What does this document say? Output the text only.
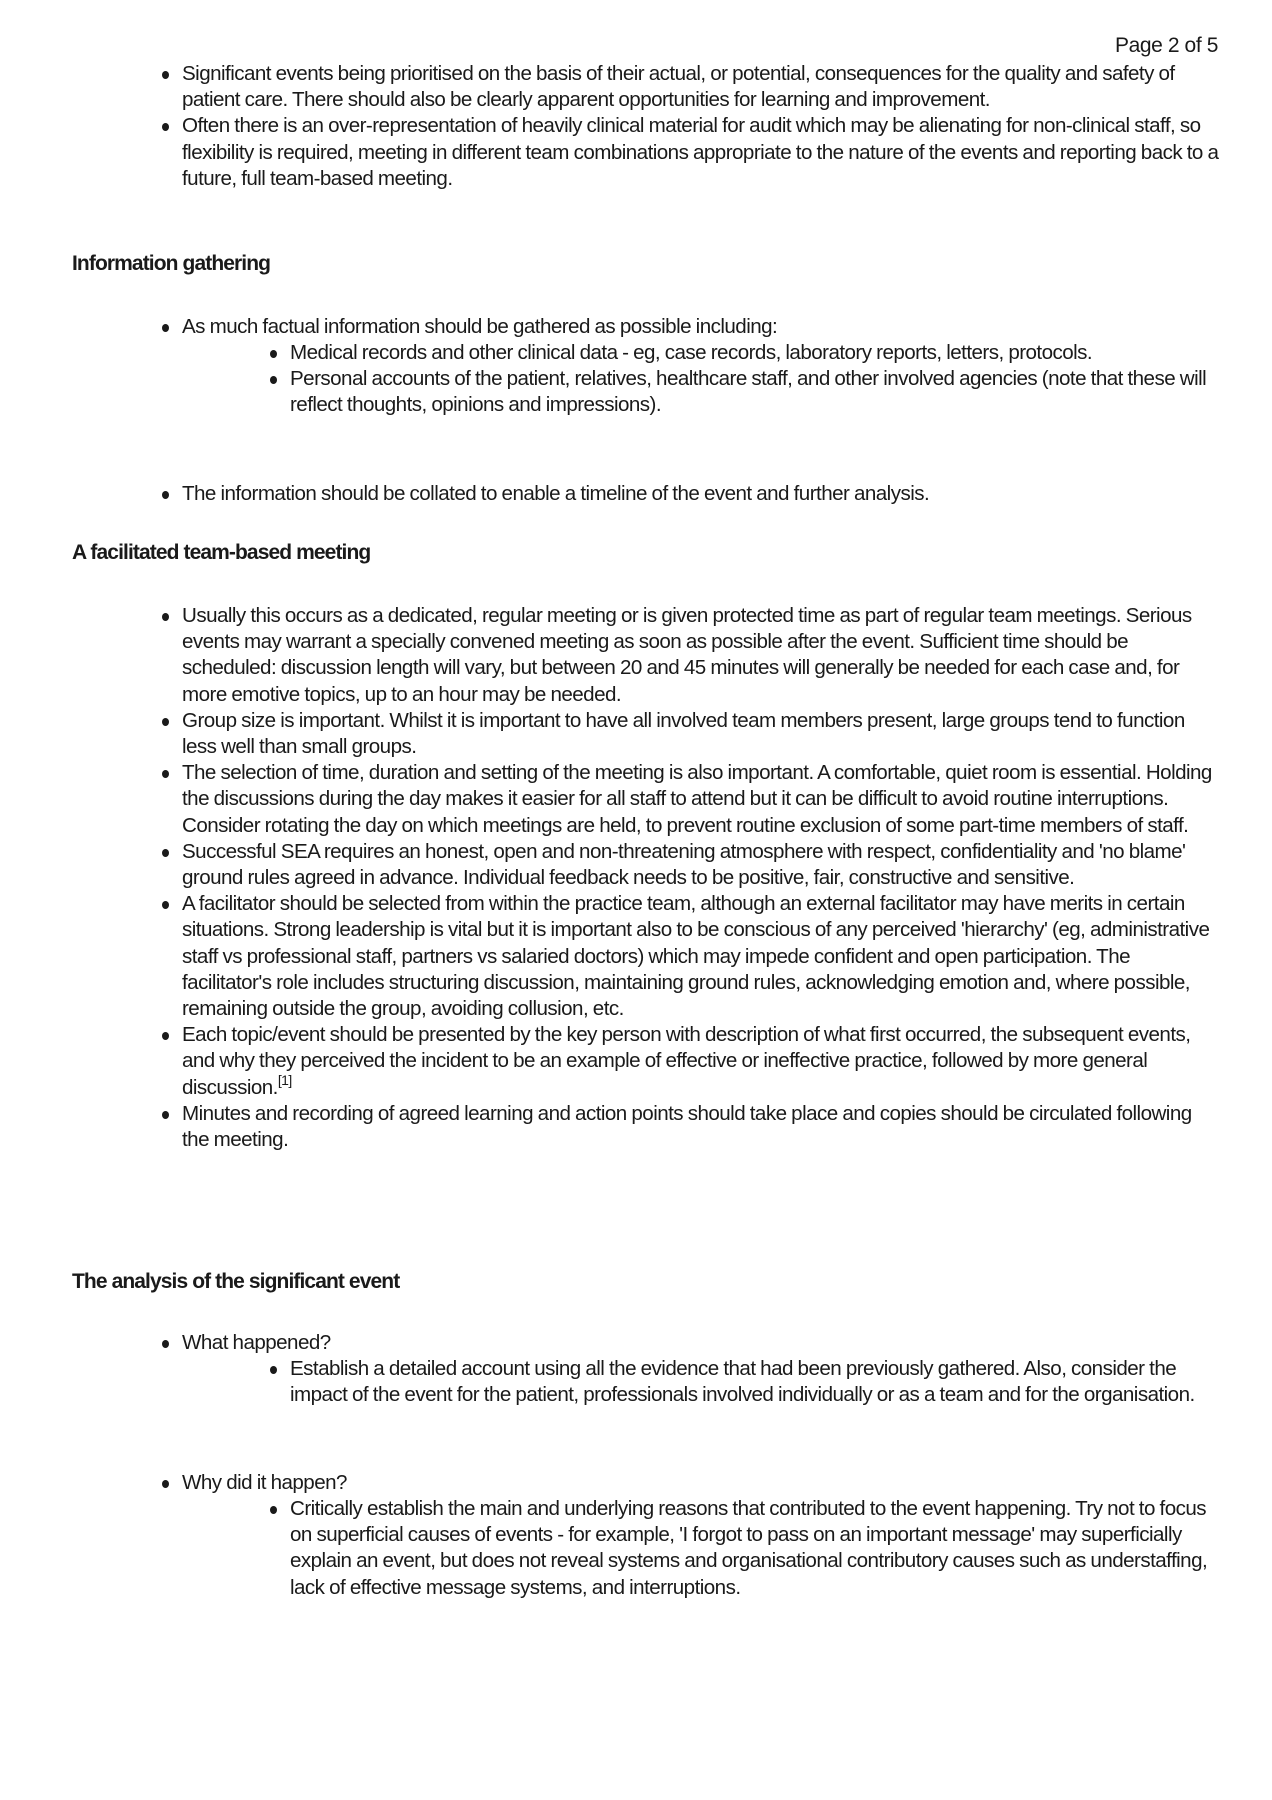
Page 2 of 5
Significant events being prioritised on the basis of their actual, or potential, consequences for the quality and safety of patient care. There should also be clearly apparent opportunities for learning and improvement.
Often there is an over-representation of heavily clinical material for audit which may be alienating for non-clinical staff, so flexibility is required, meeting in different team combinations appropriate to the nature of the events and reporting back to a future, full team-based meeting.
Information gathering
As much factual information should be gathered as possible including:
Medical records and other clinical data - eg, case records, laboratory reports, letters, protocols.
Personal accounts of the patient, relatives, healthcare staff, and other involved agencies (note that these will reflect thoughts, opinions and impressions).
The information should be collated to enable a timeline of the event and further analysis.
A facilitated team-based meeting
Usually this occurs as a dedicated, regular meeting or is given protected time as part of regular team meetings. Serious events may warrant a specially convened meeting as soon as possible after the event. Sufficient time should be scheduled: discussion length will vary, but between 20 and 45 minutes will generally be needed for each case and, for more emotive topics, up to an hour may be needed.
Group size is important. Whilst it is important to have all involved team members present, large groups tend to function less well than small groups.
The selection of time, duration and setting of the meeting is also important. A comfortable, quiet room is essential. Holding the discussions during the day makes it easier for all staff to attend but it can be difficult to avoid routine interruptions. Consider rotating the day on which meetings are held, to prevent routine exclusion of some part-time members of staff.
Successful SEA requires an honest, open and non-threatening atmosphere with respect, confidentiality and 'no blame' ground rules agreed in advance. Individual feedback needs to be positive, fair, constructive and sensitive.
A facilitator should be selected from within the practice team, although an external facilitator may have merits in certain situations. Strong leadership is vital but it is important also to be conscious of any perceived 'hierarchy' (eg, administrative staff vs professional staff, partners vs salaried doctors) which may impede confident and open participation. The facilitator's role includes structuring discussion, maintaining ground rules, acknowledging emotion and, where possible, remaining outside the group, avoiding collusion, etc.
Each topic/event should be presented by the key person with description of what first occurred, the subsequent events, and why they perceived the incident to be an example of effective or ineffective practice, followed by more general discussion.[1]
Minutes and recording of agreed learning and action points should take place and copies should be circulated following the meeting.
The analysis of the significant event
What happened?
Establish a detailed account using all the evidence that had been previously gathered. Also, consider the impact of the event for the patient, professionals involved individually or as a team and for the organisation.
Why did it happen?
Critically establish the main and underlying reasons that contributed to the event happening. Try not to focus on superficial causes of events - for example, 'I forgot to pass on an important message' may superficially explain an event, but does not reveal systems and organisational contributory causes such as understaffing, lack of effective message systems, and interruptions.
